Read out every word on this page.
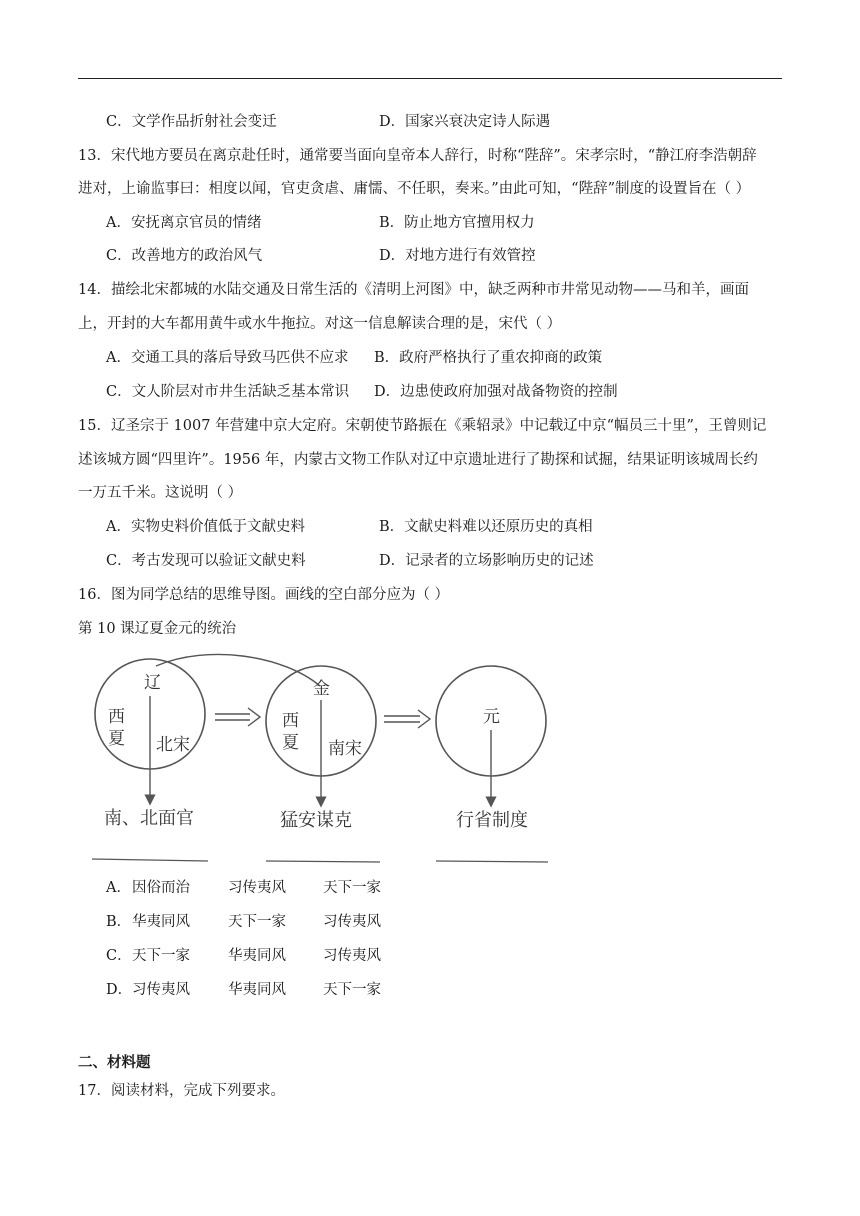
C．文学作品折射社会变迁	D．国家兴衰决定诗人际遇
13．宋代地方要员在离京赴任时，通常要当面向皇帝本人辞行，时称“陛辞”。宋孝宗时，“静江府李浩朝辞
进对，上谕监事曰：相度以闻，官吏贪虐、庸懦、不任职，奏来。”由此可知，“陛辞”制度的设置旨在（ ）
A．安抚离京官员的情绪	B．防止地方官擅用权力
C．改善地方的政治风气	D．对地方进行有效管控
14．描绘北宋都城的水陆交通及日常生活的《清明上河图》中，缺乏两种市井常见动物——马和羊，画面
上，开封的大车都用黄牛或水牛拖拉。对这一信息解读合理的是，宋代（ ）
A．交通工具的落后导致马匹供不应求 B．政府严格执行了重农抑商的政策
C．文人阶层对市井生活缺乏基本常识 D．边患使政府加强对战备物资的控制
15．辽圣宗于 1007 年营建中京大定府。宋朝使节路振在《乘轺录》中记载辽中京“幅员三十里”，王曾则记
述该城方圆“四里许”。1956 年，内蒙古文物工作队对辽中京遗址进行了勘探和试掘，结果证明该城周长约
一万五千米。这说明（ ）
A．实物史料价值低于文献史料	B．文献史料难以还原历史的真相
C．考古发现可以验证文献史料	D．记录者的立场影响历史的记述
16．图为同学总结的思维导图。画线的空白部分应为（ ）
第 10 课辽夏金元的统治
辽
西
夏 北宋
南、北面官
金
西
夏 南宋
猛安谋克
元
行省制度
A． 因俗而治	习传夷风	天下一家
B． 华夷同风	天下一家	习传夷风
C． 天下一家	华夷同风	习传夷风
D． 习传夷风	华夷同风	天下一家
二、材料题
17．阅读材料，完成下列要求。
